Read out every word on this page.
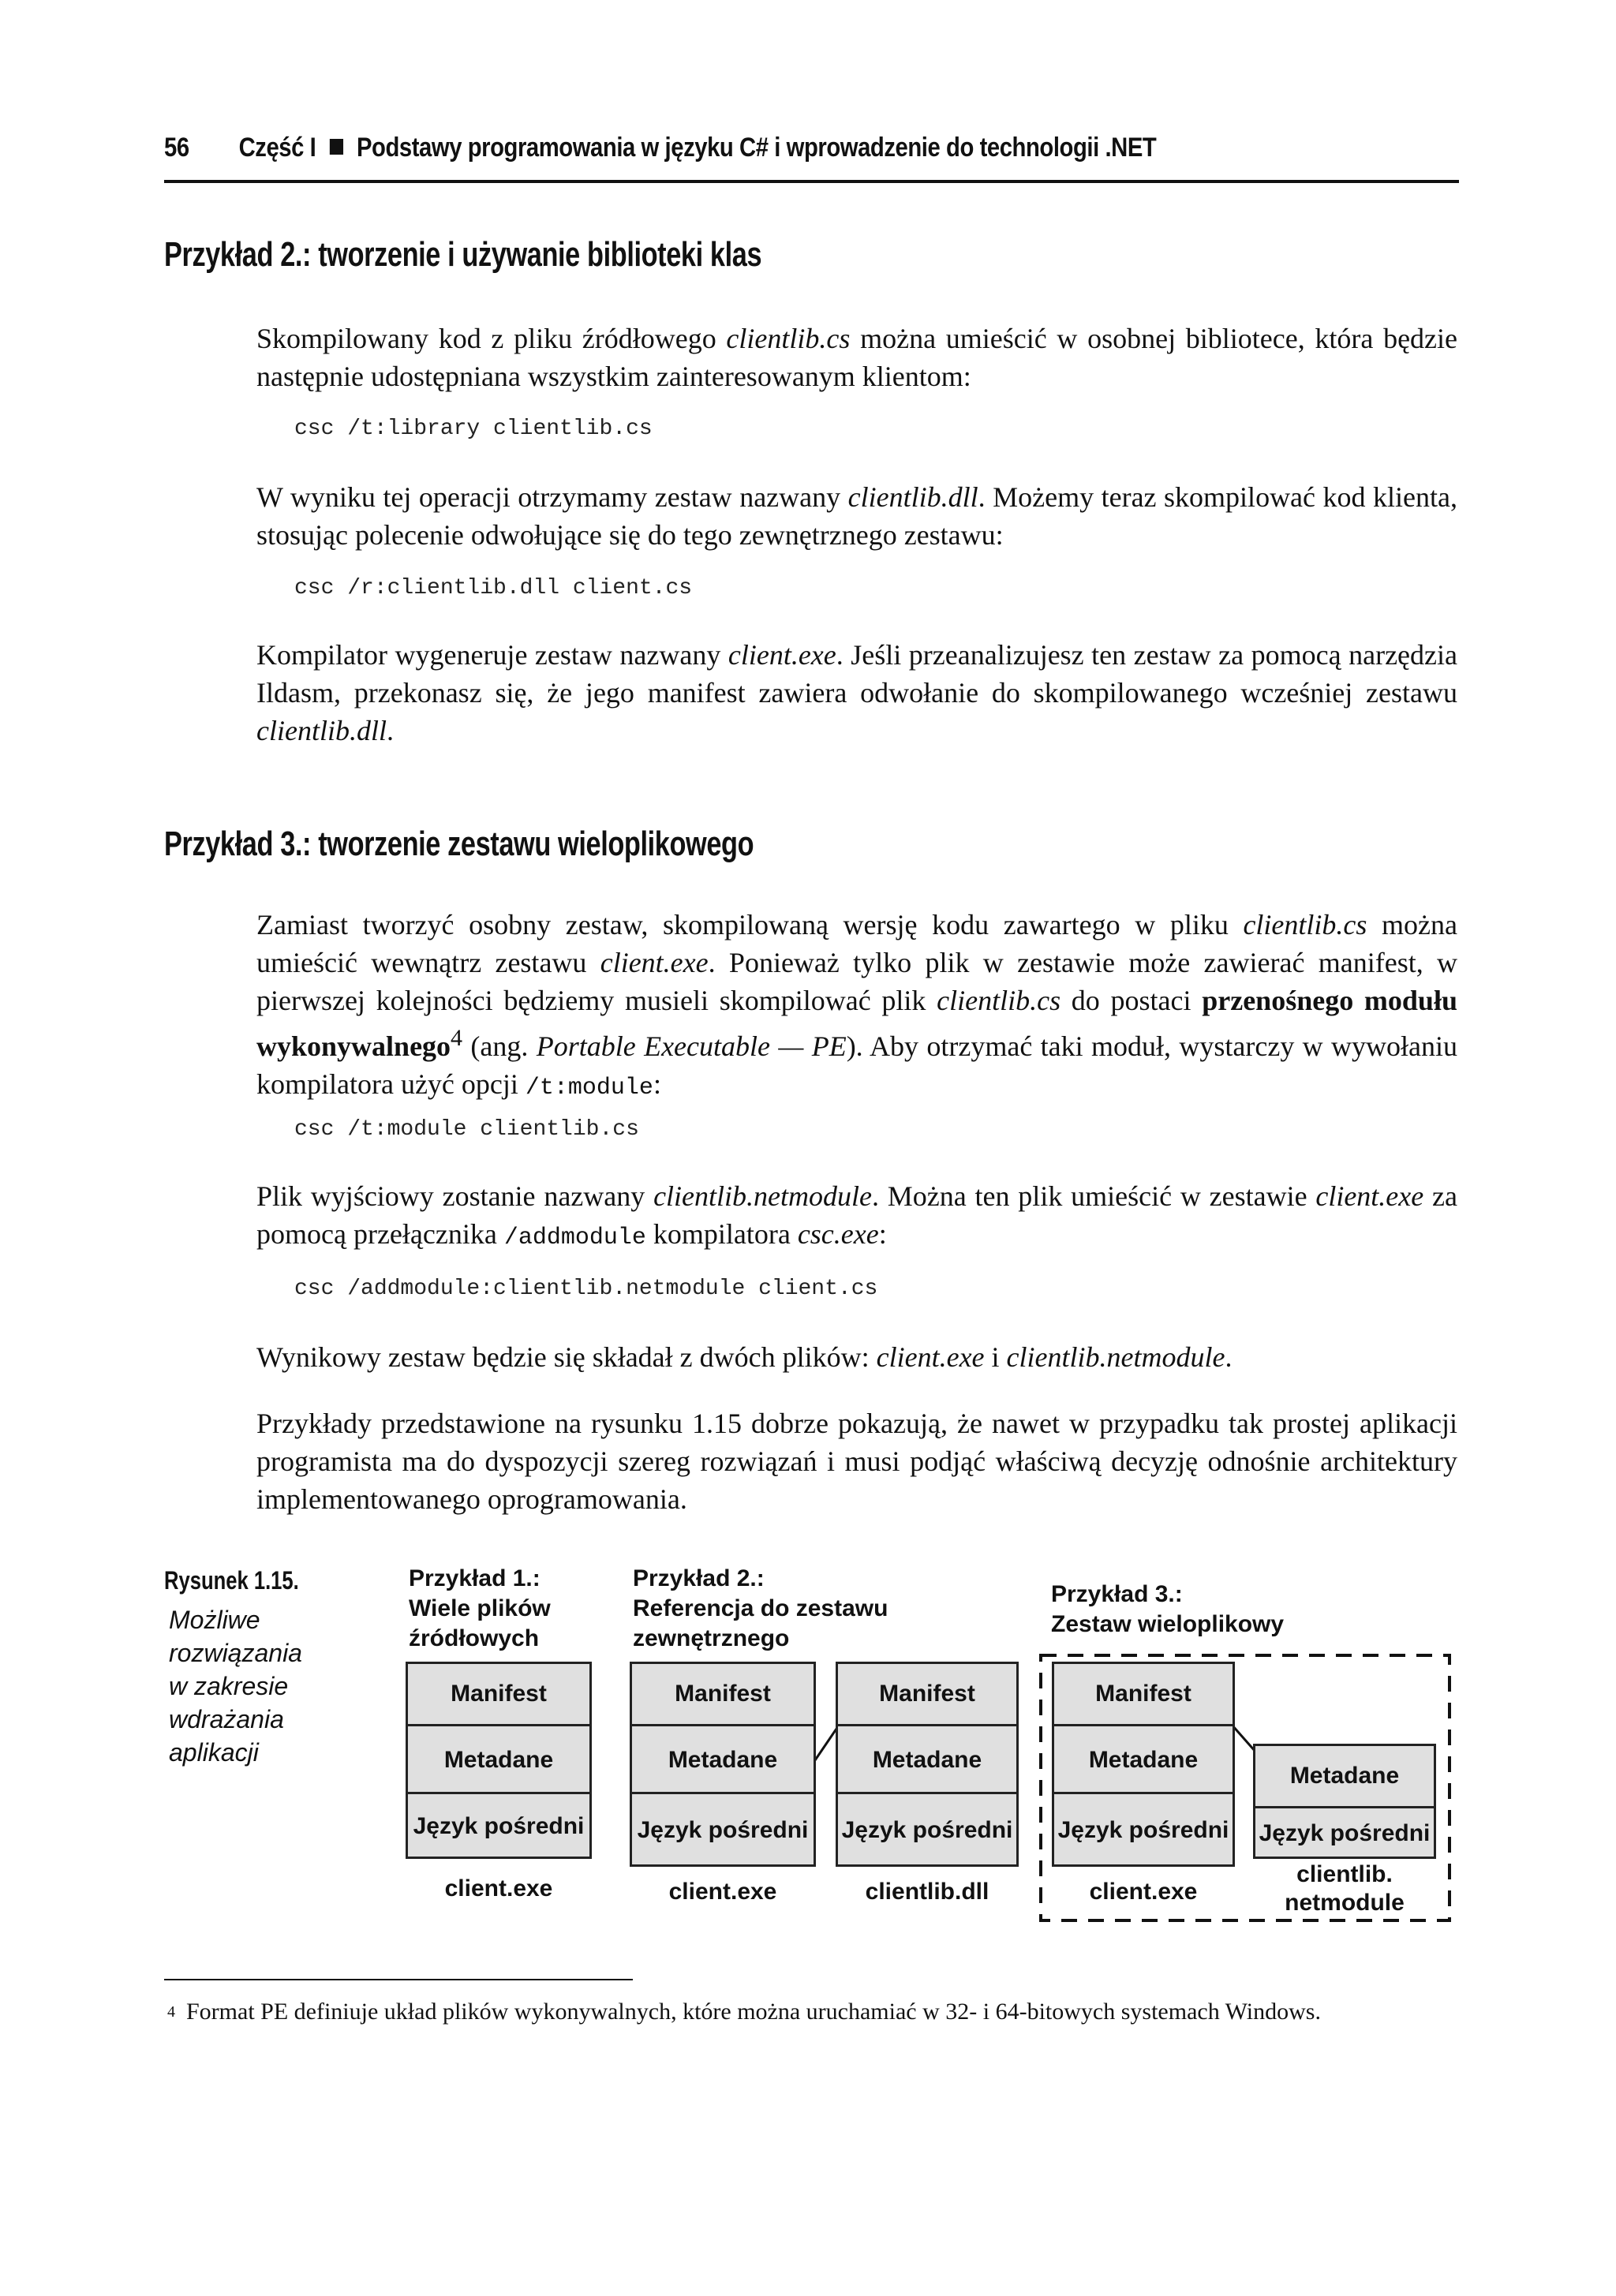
56 Część I Podstawy programowania w języku C# i wprowadzenie do technologii .NET
Przykład 2.: tworzenie i używanie biblioteki klas

Skompilowany kod z pliku źródłowego clientlib.cs można umieścić w osobnej bibliotece, która będzie następnie udostępniana wszystkim zainteresowanym klientom:

csc /t:library clientlib.cs

W wyniku tej operacji otrzymamy zestaw nazwany clientlib.dll. Możemy teraz skompilować kod klienta, stosując polecenie odwołujące się do tego zewnętrznego zestawu:

csc /r:clientlib.dll client.cs

Kompilator wygeneruje zestaw nazwany client.exe. Jeśli przeanalizujesz ten zestaw za pomocą narzędzia Ildasm, przekonasz się, że jego manifest zawiera odwołanie do skompilowanego wcześniej zestawu clientlib.dll.

Przykład 3.: tworzenie zestawu wieloplikowego

Zamiast tworzyć osobny zestaw, skompilowaną wersję kodu zawartego w pliku clientlib.cs można umieścić wewnątrz zestawu client.exe. Ponieważ tylko plik w zestawie może zawierać manifest, w pierwszej kolejności będziemy musieli skompilować plik clientlib.cs do postaci przenośnego modułu wykonywalnego$^4$ (ang. Portable Executable — PE). Aby otrzymać taki moduł, wystarczy w wywołaniu kompilatora użyć opcji /t:module:

csc /t:module clientlib.cs

Plik wyjściowy zostanie nazwany clientlib.netmodule. Można ten plik umieścić w zestawie client.exe za pomocą przełącznika /addmodule kompilatora csc.exe:

csc /addmodule:clientlib.netmodule client.cs

Wynikowy zestaw będzie się składał z dwóch plików: client.exe i clientlib.netmodule.

Przykłady przedstawione na rysunku 1.15 dobrze pokazują, że nawet w przypadku tak prostej aplikacji programista ma do dyspozycji szereg rozwiązań i musi podjąć właściwą decyzję odnośnie architektury implementowanego oprogramowania.
Rysunek 1.15.
Możliwe rozwiązania w zakresie wdrażania aplikacji
Przykład 1.:
Wiele plików
źródłowych
Przykład 2.:
Referencja do zestawu
zewnętrznego
Przykład 3.:
Zestaw wieloplikowy
Manifest
Metadane
Język pośredni
client.exe
Manifest
Metadane
Język pośredni
client.exe
Manifest
Metadane
Język pośredni
clientlib.dll
Manifest
Metadane
Język pośredni
client.exe
Metadane
Język pośredni
clientlib.
netmodule
$^4$ Format PE definiuje układ plików wykonywalnych, które można uruchamiać w 32- i 64-bitowych systemach Windows.
